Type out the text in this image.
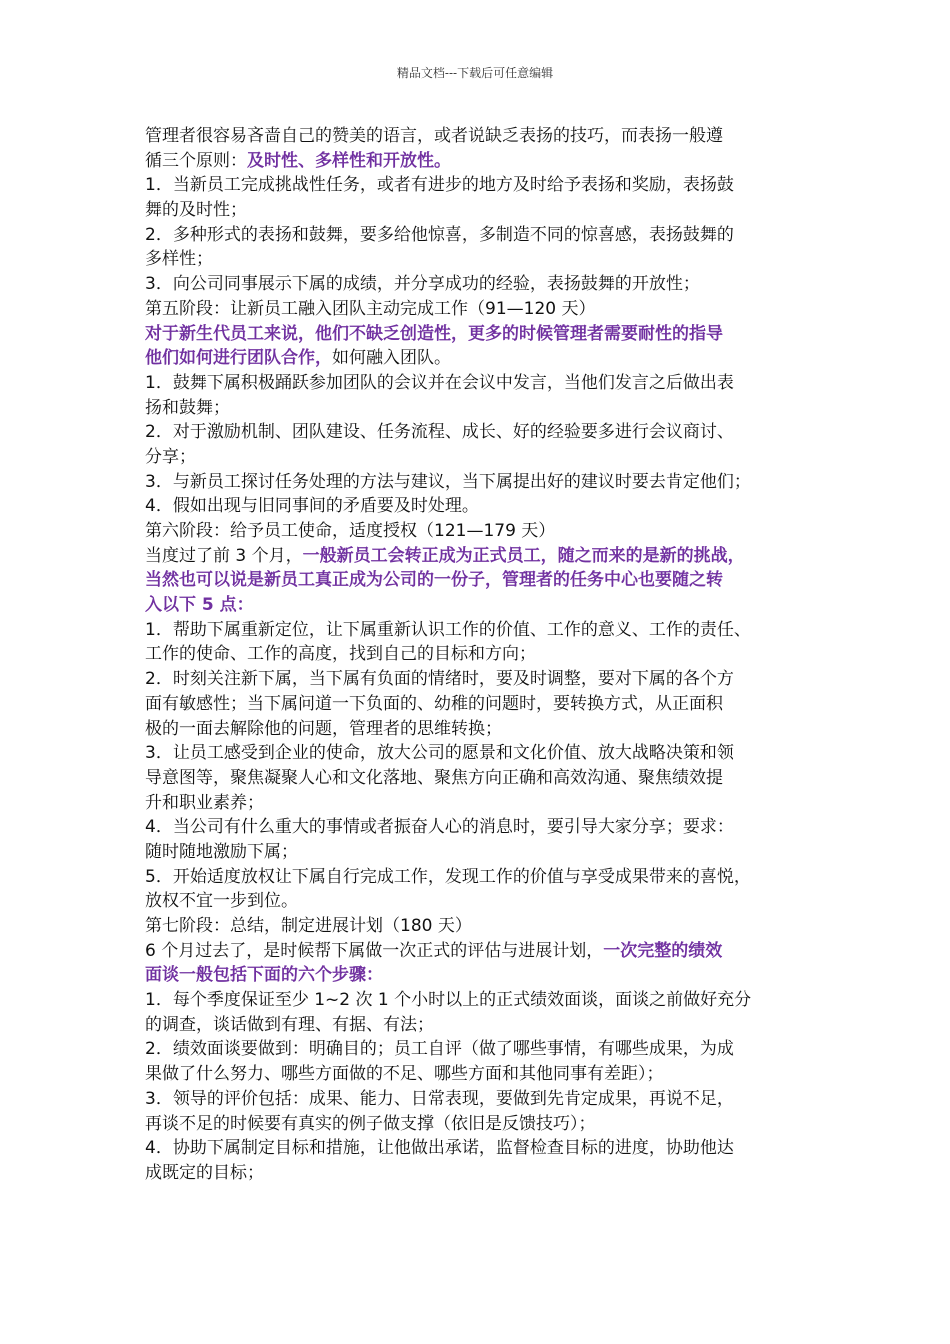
精品文档---下载后可任意编辑
管理者很容易吝啬自己的赞美的语言，或者说缺乏表扬的技巧，而表扬一般遵
循三个原则：及时性、多样性和开放性。
1．当新员工完成挑战性任务，或者有进步的地方及时给予表扬和奖励，表扬鼓
舞的及时性；
2．多种形式的表扬和鼓舞，要多给他惊喜，多制造不同的惊喜感，表扬鼓舞的
多样性；
3．向公司同事展示下属的成绩，并分享成功的经验，表扬鼓舞的开放性；
第五阶段：让新员工融入团队主动完成工作（91—120 天）
对于新生代员工来说，他们不缺乏创造性，更多的时候管理者需要耐性的指导
他们如何进行团队合作，如何融入团队。
1．鼓舞下属积极踊跃参加团队的会议并在会议中发言，当他们发言之后做出表
扬和鼓舞；
2．对于激励机制、团队建设、任务流程、成长、好的经验要多进行会议商讨、
分享；
3．与新员工探讨任务处理的方法与建议，当下属提出好的建议时要去肯定他们；
4．假如出现与旧同事间的矛盾要及时处理。
第六阶段：给予员工使命，适度授权（121—179 天）
当度过了前 3 个月，一般新员工会转正成为正式员工，随之而来的是新的挑战，
当然也可以说是新员工真正成为公司的一份子，管理者的任务中心也要随之转
入以下 5 点：
1．帮助下属重新定位，让下属重新认识工作的价值、工作的意义、工作的责任、
工作的使命、工作的高度，找到自己的目标和方向；
2．时刻关注新下属，当下属有负面的情绪时，要及时调整，要对下属的各个方
面有敏感性；当下属问道一下负面的、幼稚的问题时，要转换方式，从正面积
极的一面去解除他的问题，管理者的思维转换；
3．让员工感受到企业的使命，放大公司的愿景和文化价值、放大战略决策和领
导意图等，聚焦凝聚人心和文化落地、聚焦方向正确和高效沟通、聚焦绩效提
升和职业素养；
4．当公司有什么重大的事情或者振奋人心的消息时，要引导大家分享；要求：
随时随地激励下属；
5．开始适度放权让下属自行完成工作，发现工作的价值与享受成果带来的喜悦，
放权不宜一步到位。
第七阶段：总结，制定进展计划（180 天）
6 个月过去了，是时候帮下属做一次正式的评估与进展计划，一次完整的绩效
面谈一般包括下面的六个步骤：
1．每个季度保证至少 1~2 次 1 个小时以上的正式绩效面谈，面谈之前做好充分
的调查，谈话做到有理、有据、有法；
2．绩效面谈要做到：明确目的；员工自评（做了哪些事情，有哪些成果，为成
果做了什么努力、哪些方面做的不足、哪些方面和其他同事有差距）；
3．领导的评价包括：成果、能力、日常表现，要做到先肯定成果，再说不足，
再谈不足的时候要有真实的例子做支撑（依旧是反馈技巧）；
4．协助下属制定目标和措施，让他做出承诺，监督检查目标的进度，协助他达
成既定的目标；
